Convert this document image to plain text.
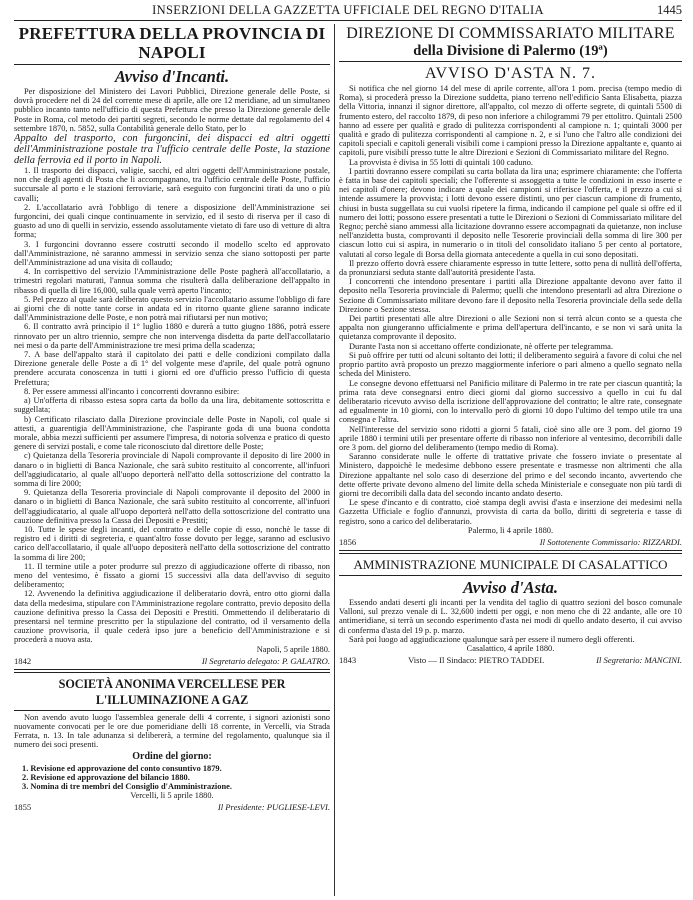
INSERZIONI DELLA GAZZETTA UFFICIALE DEL REGNO D'ITALIA	1445
PREFETTURA DELLA PROVINCIA DI NAPOLI
Avviso d'Incanti.

Per disposizione del Ministero dei Lavori Pubblici, Direzione generale delle Poste, si dovrà procedere nel di 24 del corrente mese di aprile, alle ore 12 meridiane, ad un simultaneo pubblico incanto tanto nell'ufficio di questa Prefettura che presso la Direzione generale delle Poste in Roma, col metodo dei partiti segreti, secondo le norme dettate dal regolamento del 4 settembre 1870, n. 5852, sulla Contabilità generale dello Stato, per lo

Appalto del trasporto, con furgoncini, dei dispacci ed altri oggetti dell'Amministrazione postale tra l'ufficio centrale delle Poste, la stazione della ferrovia ed il porto in Napoli.

1. Il trasporto dei dispacci, valigie, sacchi, ed altri oggetti dell'Amministrazione postale, non che degli agenti di Posta che li accompagnano, tra l'ufficio centrale delle Poste, l'ufficio succursale al porto e le stazioni ferroviarie, sarà eseguito con furgoncini tirati da uno o più cavalli;

2. L'accollatario avrà l'obbligo di tenere a disposizione dell'Amministrazione sei furgoncini, dei quali cinque continuamente in servizio, ed il sesto di riserva per il caso di guasto ad uno di quelli in servizio, essendo assolutamente vietato di fare uso di vetture di altra forma;

3. I furgoncini dovranno essere costrutti secondo il modello scelto ed approvato dall'Amministrazione, nè saranno ammessi in servizio senza che siano sottoposti per parte dell'Amministrazione ad una visita di collaudo;

4. In corrispettivo del servizio l'Amministrazione delle Poste pagherà all'accollatario, a trimestri regolari maturati, l'annua somma che risulterà dalla deliberazione dell'appalto in ribasso di quella di lire 16,000, sulla quale verrà aperto l'incanto;

5. Pel prezzo al quale sarà deliberato questo servizio l'accollatario assume l'obbligo di fare ai giorni che di notte tante corse in andata ed in ritorno quante gliene saranno indicate dall'Amministrazione delle Poste, e non potrà mai rifiutarsi per nun motivo;

6. Il contratto avrà principio il 1° luglio 1880 e durerà a tutto giugno 1886, potrà essere rinnovato per un altro triennio, sempre che non intervenga disdetta da parte dell'accollatario nei mesi o da parte dell'Amministrazione tre mesi prima della scadenza;

7. A base dell'appalto starà il capitolato dei patti e delle condizioni compilato dalla Direzione generale delle Poste a dì 1° del volgente mese d'aprile, del quale potrà ognuno prendere accurata conoscenza in tutti i giorni ed ore d'ufficio presso l'ufficio di questa Prefettura;

8. Per essere ammessi all'incanto i concorrenti dovranno esibire:

a) Un'offerta di ribasso estesa sopra carta da bollo da una lira, debitamente sottoscritta e suggellata;

b) Certificato rilasciato dalla Direzione provinciale delle Poste in Napoli, col quale si attesti, a guarentigia dell'Amministrazione, che l'aspirante goda di una buona condotta morale, abbia mezzi sufficienti per assumere l'impresa, di notoria solvenza e pratico di questo genere di servizi postali, e come tale riconosciuto dal direttore delle Poste;

c) Quietanza della Tesoreria provinciale di Napoli comprovante il deposito di lire 2000 in danaro o in biglietti di Banca Nazionale, che sarà subito restituito al concorrente, all'infuori dell'aggiudicatario, al quale all'uopo deporterà nell'atto della sottoscrizione del contratto la somma di lire 2000;

9. Quietanza della Tesoreria provinciale di Napoli comprovante il deposito del 2000 in danaro o in biglietti di Banca Nazionale, che sarà subito restituito al concorrente, all'infuori dell'aggiudicatario, al quale all'uopo deporterà nell'atto della sottoscrizione del contratto una cauzione definitiva presso la Cassa dei Depositi e Prestiti;

10. Tutte le spese degli incanti, del contratto e delle copie di esso, nonchè le tasse di registro ed i diritti di segreteria, e quant'altro fosse dovuto per legge, saranno ad esclusivo carico dell'accollatario, il quale all'uopo depositerà nell'atto della sottoscrizione del contratto la somma di lire 200;

11. Il termine utile a poter produrre sul prezzo di aggiudicazione offerte di ribasso, non meno del ventesimo, è fissato a giorni 15 successivi alla data dell'avviso di seguito deliberamento;

12. Avvenendo la definitiva aggiudicazione il deliberatario dovrà, entro otto giorni dalla data della medesima, stipulare con l'Amministrazione regolare contratto, previo deposito della cauzione definitiva presso la Cassa dei Depositi e Prestiti. Ommettendo il deliberatario di presentarsi nel termine prescritto per la stipulazione del contratto, od il versamento della cauzione provvisoria, il quale cederà ipso jure a beneficio dell'Amministrazione e si procederà a nuova asta.

Napoli, 5 aprile 1880.

1842	Il Segretario delegato: P. GALATRO.
SOCIETÀ ANONIMA VERCELLESE PER L'ILLUMINAZIONE A GAZ

Non avendo avuto luogo l'assemblea generale delli 4 corrente, i signori azionisti sono nuovamente convocati per le ore due pomeridiane delli 18 corrente, in Vercelli, via Strada Ferrata, n. 13. In tale adunanza si delibererà, a termine del regolamento, qualunque sia il numero dei soci presenti.

Ordine del giorno:

1. Revisione ed approvazione del conto consuntivo 1879.

2. Revisione ed approvazione del bilancio 1880.

3. Nomina di tre membri del Consiglio d'Amministrazione.

Vercelli, li 5 aprile 1880.

1855	Il Presidente: PUGLIESE-LEVI.
DIREZIONE DI COMMISSARIATO MILITARE
della Divisione di Palermo (19ª)
AVVISO D'ASTA N. 7.

Si notifica che nel giorno 14 del mese di aprile corrente, all'ora 1 pom. precisa (tempo medio di Roma), si procederà presso la Direzione suddetta, piano terreno nell'edificio Santa Elisabetta, piazza della Vittoria, innanzi il signor direttore, all'appalto, col mezzo di offerte segrete, di quintali 5500 di frumento estero, del raccolto 1879, di peso non inferiore a chilogrammi 79 per ettolitro. Quintali 2500 hanno ad essere per qualità e grado di pulitezza corrispondenti al campione n. 1; quintali 3000 per qualità e grado di pulitezza corrispondenti al campione n. 2, e si l'uno che l'altro alle condizioni dei capitoli speciali e capitoli generali visibili come i campioni presso la Direzione appaltante e, quanto ai capitoli, pure visibili presso tutte le altre Direzioni e Sezioni di Commissariato militare del Regno.

La provvista è divisa in 55 lotti di quintali 100 caduno.

I partiti dovranno essere compilati su carta bollata da lira una; esprimere chiaramente: che l'offerta è fatta in base dei capitoli speciali; che l'offerente si assoggetta a tutte le condizioni in esso inserte e nei capitoli d'onere; devono indicare a quale dei campioni si riferisce l'offerta, e il prezzo a cui si intende assumere la provvista; i lotti devono essere distinti, uno per ciascun campione di frumento, chiusi in busta suggellata su cui vuolsi ripetere la firma, indicando il campione pel quale si offre ed il numero dei lotti; possono essere presentati a tutte le Direzioni o Sezioni di Commissariato militare del Regno; perchè siano ammessi alla licitazione dovranno essere accompagnati da quietanze, non incluse nell'anzidetta busta, comprovanti il deposito nelle Tesorerie provinciali della somma di lire 300 per ciascun lotto cui si aspira, in numerario o in titoli del consolidato italiano 5 per cento al portatore, valutati al corso legale di Borsa della giornata antecedente a quella in cui sono depositati.

Il prezzo offerto dovrà essere chiaramente espresso in tutte lettere, sotto pena di nullità dell'offerta, da pronunziarsi seduta stante dall'autorità presidente l'asta.

I concorrenti che intendono presentare i partiti alla Direzione appaltante devono aver fatto il deposito nella Tesoreria provinciale di Palermo; quelli che intendono presentarli ad altra Direzione o Sezione di Commissariato militare devono fare il deposito nella Tesoreria provinciale della sede della Direzione o Sezione stessa.

Dei partiti presentati alle altre Direzioni o alle Sezioni non si terrà alcun conto se a questa che appalta non giungeranno ufficialmente e prima dell'apertura dell'incanto, e se non vi sarà unita la quietanza comprovante il deposito.

Durante l'asta non si accettano offerte condizionate, nè offerte per telegramma.

Si può offrire per tutti od alcuni soltanto dei lotti; il deliberamento seguirà a favore di colui che nel proprio partito avrà proposto un prezzo maggiormente inferiore o pari almeno a quello segnato nella scheda del Ministero.

Le consegne devono effettuarsi nel Panificio militare di Palermo in tre rate per ciascun quantità; la prima rata deve consegnarsi entro dieci giorni dal giorno successivo a quello in cui fu dal deliberatario ricevuto avviso della iscrizione dell'approvazione del contratto; le altre rate, consegnate ad egualmente in 10 giorni, con lo intervallo però di giorni 10 dopo l'ultimo del tempo utile tra una consegna e l'altra.

Nell'interesse del servizio sono ridotti a giorni 5 fatali, cioè sino alle ore 3 pom. del giorno 19 aprile 1880 i termini utili per presentare offerte di ribasso non inferiore al ventesimo, decorribili dalle ore 3 pom. del giorno del deliberamento (tempo medio di Roma).

Saranno considerate nulle le offerte di trattative private che fossero inviate o presentate al Ministero, dappoichè le medesime debbono essere presentate e trasmesse non altrimenti che alla Direzione appaltante nel solo caso di deserzione del primo e del secondo incanto, avvertendo che dette offerte private devono almeno del limite della scheda Ministeriale e conseguate non più tardi di giorni tre decorribili dalla data del secondo incanto andato deserto.

Le spese d'incanto e di contratto, cioè stampa degli avvisi d'asta e inserzione dei medesimi nella Gazzetta Ufficiale e foglio d'annunzi, provvista di carta da bollo, diritti di segreteria e tasse di registro, sono a carico del deliberatario.

Palermo, li 4 aprile 1880.

1856	Il Sottotenente Commissario: RIZZARDI.
AMMINISTRAZIONE MUNICIPALE DI CASALATTICO
Avviso d'Asta.

Essendo andati deserti gli incanti per la vendita del taglio di quattro sezioni del bosco comunale Valloni, sul prezzo venale di L. 32,600 indetti per oggi, e non meno che di 22 andante, alle ore 10 antimeridiane, si terrà un secondo esperimento d'asta nei modi di quello andato deserto, il cui avviso di conferma d'asta del 19 p. p. marzo.

Sarà poi luogo ad aggiudicazione qualunque sarà per essere il numero degli offerenti.

Casalattico, 4 aprile 1880.

1843	Visto — Il Sindaco: PIETRO TADDEI.	Il Segretario: MANCINI.
